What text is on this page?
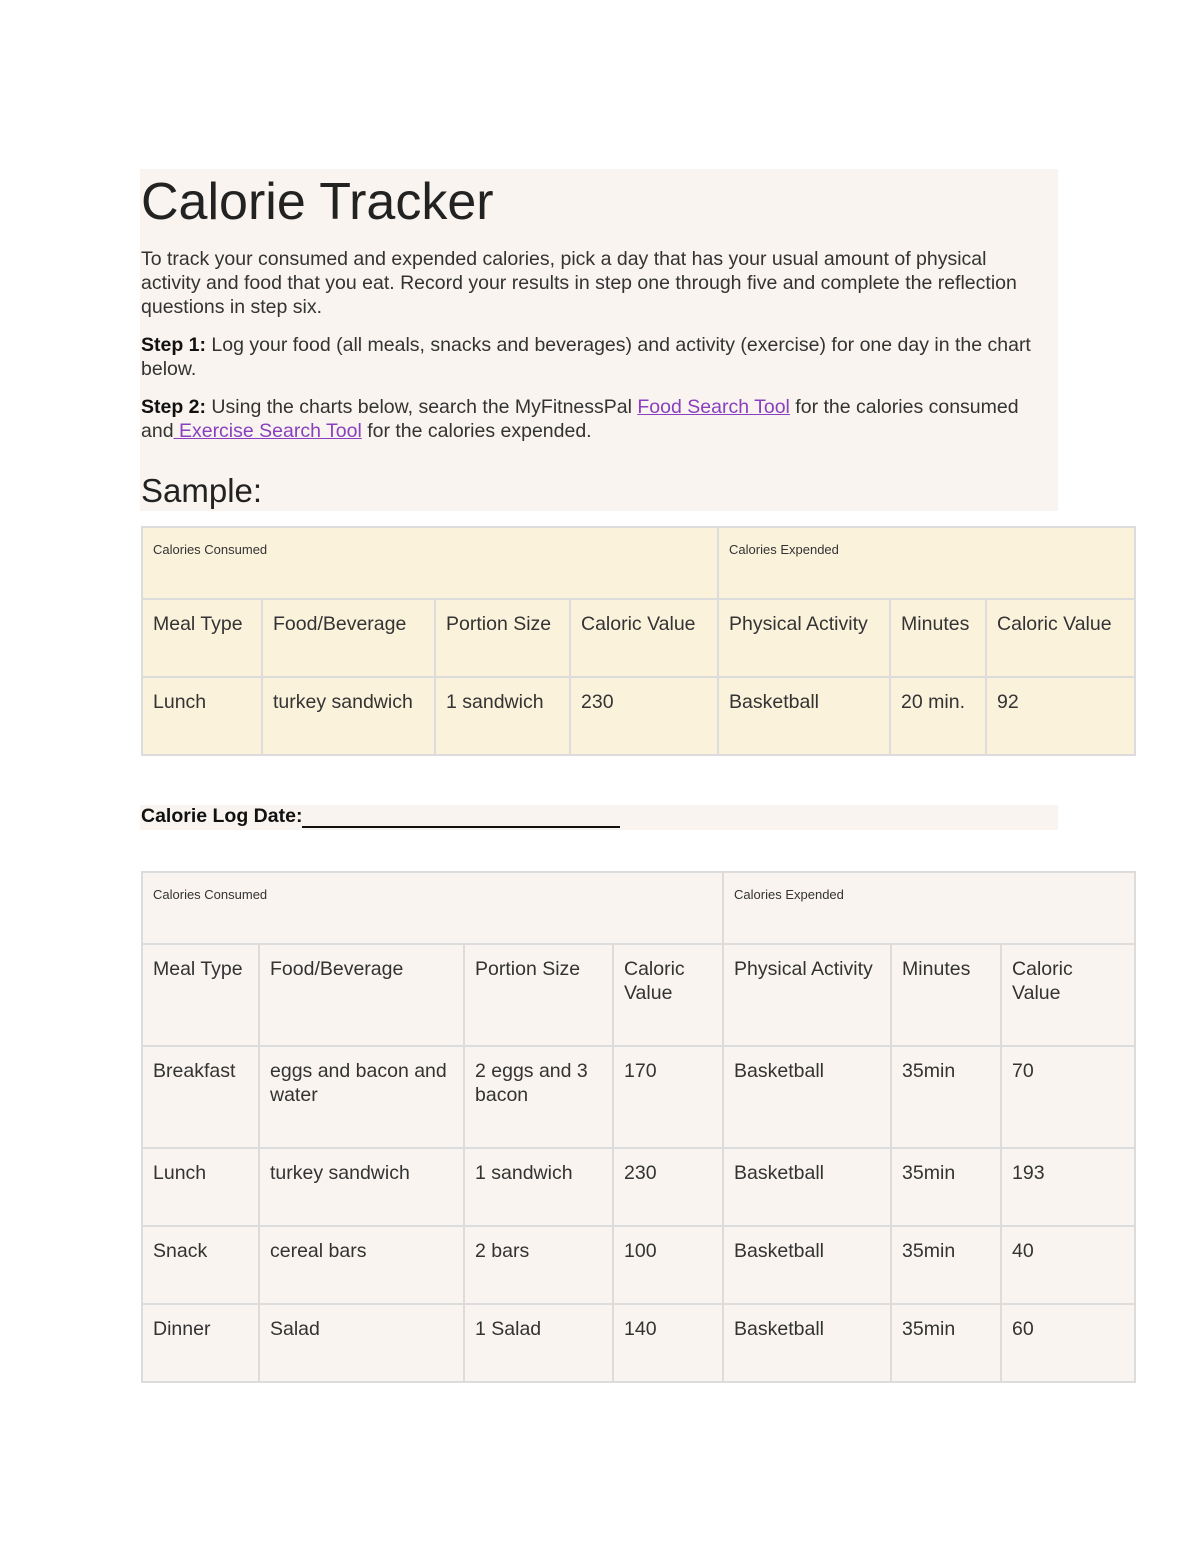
Calorie Tracker

To track your consumed and expended calories, pick a day that has your usual amount of physical activity and food that you eat. Record your results in step one through five and complete the reflection questions in step six.

Step 1: Log your food (all meals, snacks and beverages) and activity (exercise) for one day in the chart below.

Step 2: Using the charts below, search the MyFitnessPal Food Search Tool for the calories consumed and Exercise Search Tool for the calories expended.

Sample:
Calories Consumed				Calories Expended		
Meal Type	Food/Beverage	Portion Size	Caloric Value	Physical Activity	Minutes	Caloric Value
Lunch	turkey sandwich	1 sandwich	230	Basketball	20 min.	92

Calorie Log Date:

Calories Consumed				Calories Expended		
Meal Type	Food/Beverage	Portion Size	Caloric Value	Physical Activity	Minutes	Caloric Value
Breakfast	eggs and bacon and water	2 eggs and 3 bacon	170	Basketball	35min	70
Lunch	turkey sandwich	1 sandwich	230	Basketball	35min	193
Snack	cereal bars	2 bars	100	Basketball	35min	40
Dinner	Salad	1 Salad	140	Basketball	35min	60
